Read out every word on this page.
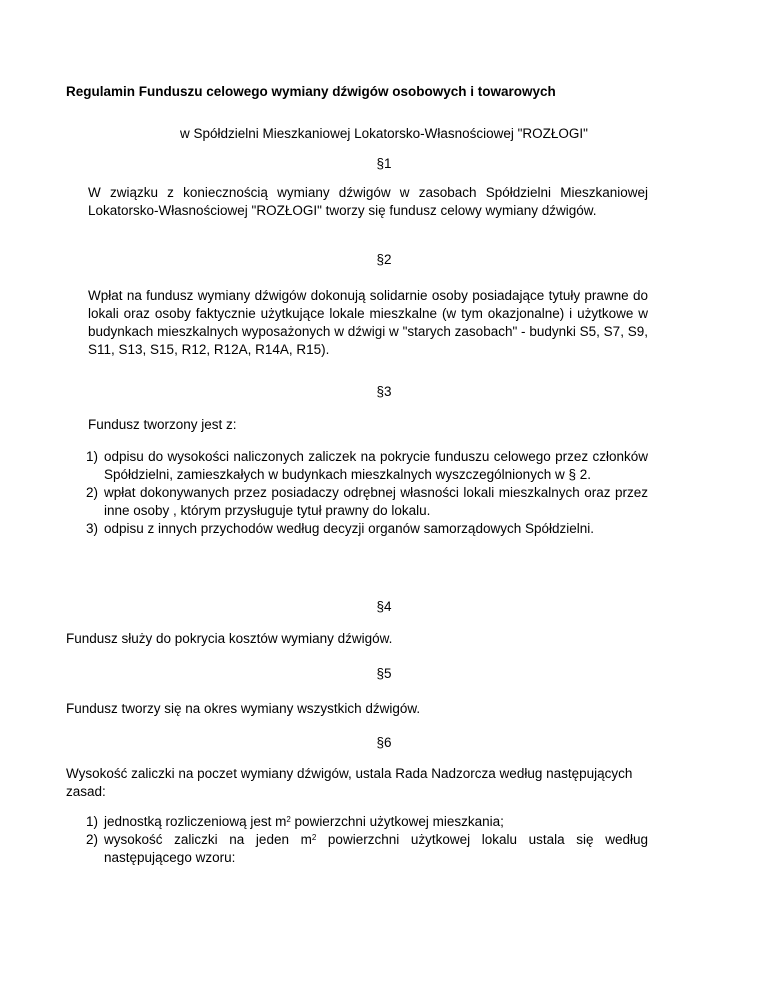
Regulamin Funduszu celowego wymiany dźwigów osobowych i towarowych

w Spółdzielni Mieszkaniowej Lokatorsko-Własnościowej "ROZŁOGI"

§1

W związku z koniecznością wymiany dźwigów w zasobach Spółdzielni Mieszkaniowej Lokatorsko-Własnościowej "ROZŁOGI" tworzy się fundusz celowy wymiany dźwigów.

§2

Wpłat na fundusz wymiany dźwigów dokonują solidarnie osoby posiadające tytuły prawne do lokali oraz osoby faktycznie użytkujące lokale mieszkalne (w tym okazjonalne) i użytkowe w budynkach mieszkalnych wyposażonych w dźwigi w "starych zasobach" - budynki S5, S7, S9, S11, S13, S15, R12, R12A, R14A, R15).

§3

Fundusz tworzony jest z:

1) odpisu do wysokości naliczonych zaliczek na pokrycie funduszu celowego przez członków Spółdzielni, zamieszkałych w budynkach mieszkalnych wyszczególnionych w § 2.
2) wpłat dokonywanych przez posiadaczy odrębnej własności lokali mieszkalnych oraz przez inne osoby , którym przysługuje tytuł prawny do lokalu.
3) odpisu z innych przychodów według decyzji organów samorządowych Spółdzielni.

§4

Fundusz służy do pokrycia kosztów wymiany dźwigów.

§5

Fundusz tworzy się na okres wymiany wszystkich dźwigów.

§6

Wysokość zaliczki na poczet wymiany dźwigów, ustala Rada Nadzorcza według następujących zasad:

1) jednostką rozliczeniową jest $m^2$ powierzchni użytkowej mieszkania;
2) wysokość zaliczki na jeden $m^2$ powierzchni użytkowej lokalu ustala się według następującego wzoru:
